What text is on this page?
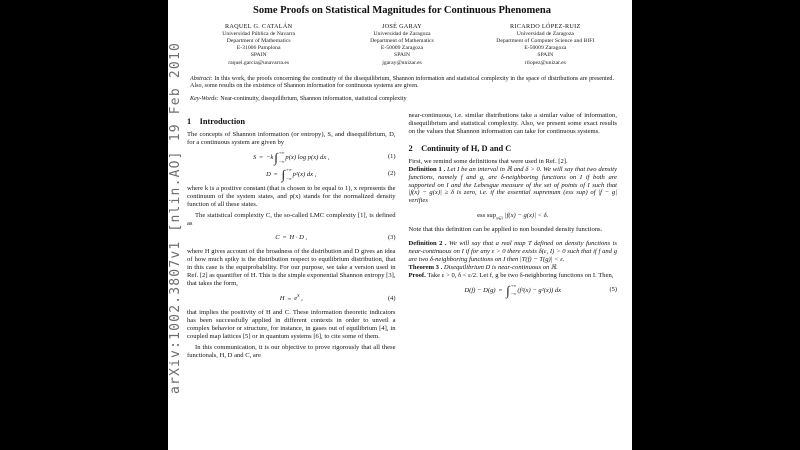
arXiv:1002.3807v1 [nlin.AO] 19 Feb 2010
Some Proofs on Statistical Magnitudes for Continuous Phenomena
RAQUEL G. CATALÁN
Universidad Pública de Navarra
Department of Mathematics
E-31006 Pamplona
SPAIN
raquel.garcia@unavarra.es
JOSÉ GARAY
Universidad de Zaragoza
Department of Mathematics
E-50009 Zaragoza
SPAIN
jgaray@unizar.es
RICARDO LÓPEZ-RUIZ
Universidad de Zaragoza
Department of Computer Science and BIFI
E-50009 Zaragoza
SPAIN
rilopez@unizar.es

Abstract: In this work, the proofs concerning the continuity of the disequilibrium, Shannon information and statistical complexity in the space of distributions are presented. Also, some results on the existence of Shannon information for continuous systems are given.

Key-Words: Near-continuity, disequilibrium, Shannon information, statistical complexity

1 Introduction

The concepts of Shannon information (or entropy), S, and disequilibrium, D, for a continuous system are given by

S = −k ∫ +∞
−∞
p(x) log p(x) dx ,	(1)
D = ∫ +∞
−∞
p²(x) dx ,	(2)

where k is a positive constant (that is chosen to be equal to 1), x represents the continuum of the system states, and p(x) stands for the normalized density function of all these states.

The statistical complexity C, the so-called LMC complexity [1], is defined as

C = H · D ,	(3)

where H gives account of the broadness of the distribution and D gives an idea of how much spiky is the distribution respect to equilibrium distribution, that in this case is the equiprobability. For our purpose, we take a version used in Ref. [2] as quantifier of H. This is the simple exponential Shannon entropy [3], that takes the form,

$H = e^S$ ,	(4)

that implies the positivity of H and C. These information theoretic indicators has been successfully applied in different contexts in order to unveil a complex behavior or structure, for instance, in gases out of equilibrium [4], in coupled map lattices [5] or in quantum systems [6], to cite some of them.

In this communication, it is our objective to prove rigorously that all these functionals, H, D and C, are

near-continuous, i.e. similar distributions take a similar value of information, disequilibrium and statistical complexity. Also, we present some exact results on the values that Shannon information can take for continuous systems.

2 Continuity of H, D and C

First, we remind some definitions that were used in Ref. [2].

Definition 1 . Let I be an interval in ℝ and δ > 0. We will say that two density functions, namely f and g, are δ-neighboring functions on I if both are supported on I and the Lebesgue measure of the set of points of I such that |f(x) − g(x)| ≥ δ is zero, i.e. if the essential supremum (ess sup) of |f − g| verifies

ess sup$_{x\in I}$ |f(x) − g(x)| < δ.

Note that this definition can be applied to non bounded density functions.

Definition 2 . We will say that a real map T defined on density functions is near-continuous on I if for any ε > 0 there exists δ(ε, I) > 0 such that if f and g are two δ-neighboring functions on I then |T(f) − T(g)| < ε.

Theorem 3 . Disequilibrium D is near-continuous on ℝ.

Proof. Take ε > 0, δ < ε/2. Let f, g be two δ-neighboring functions on I. Then,

D(f) − D(g) = ∫ +∞
−∞
(f²(x) − g²(x)) dx	(5)
